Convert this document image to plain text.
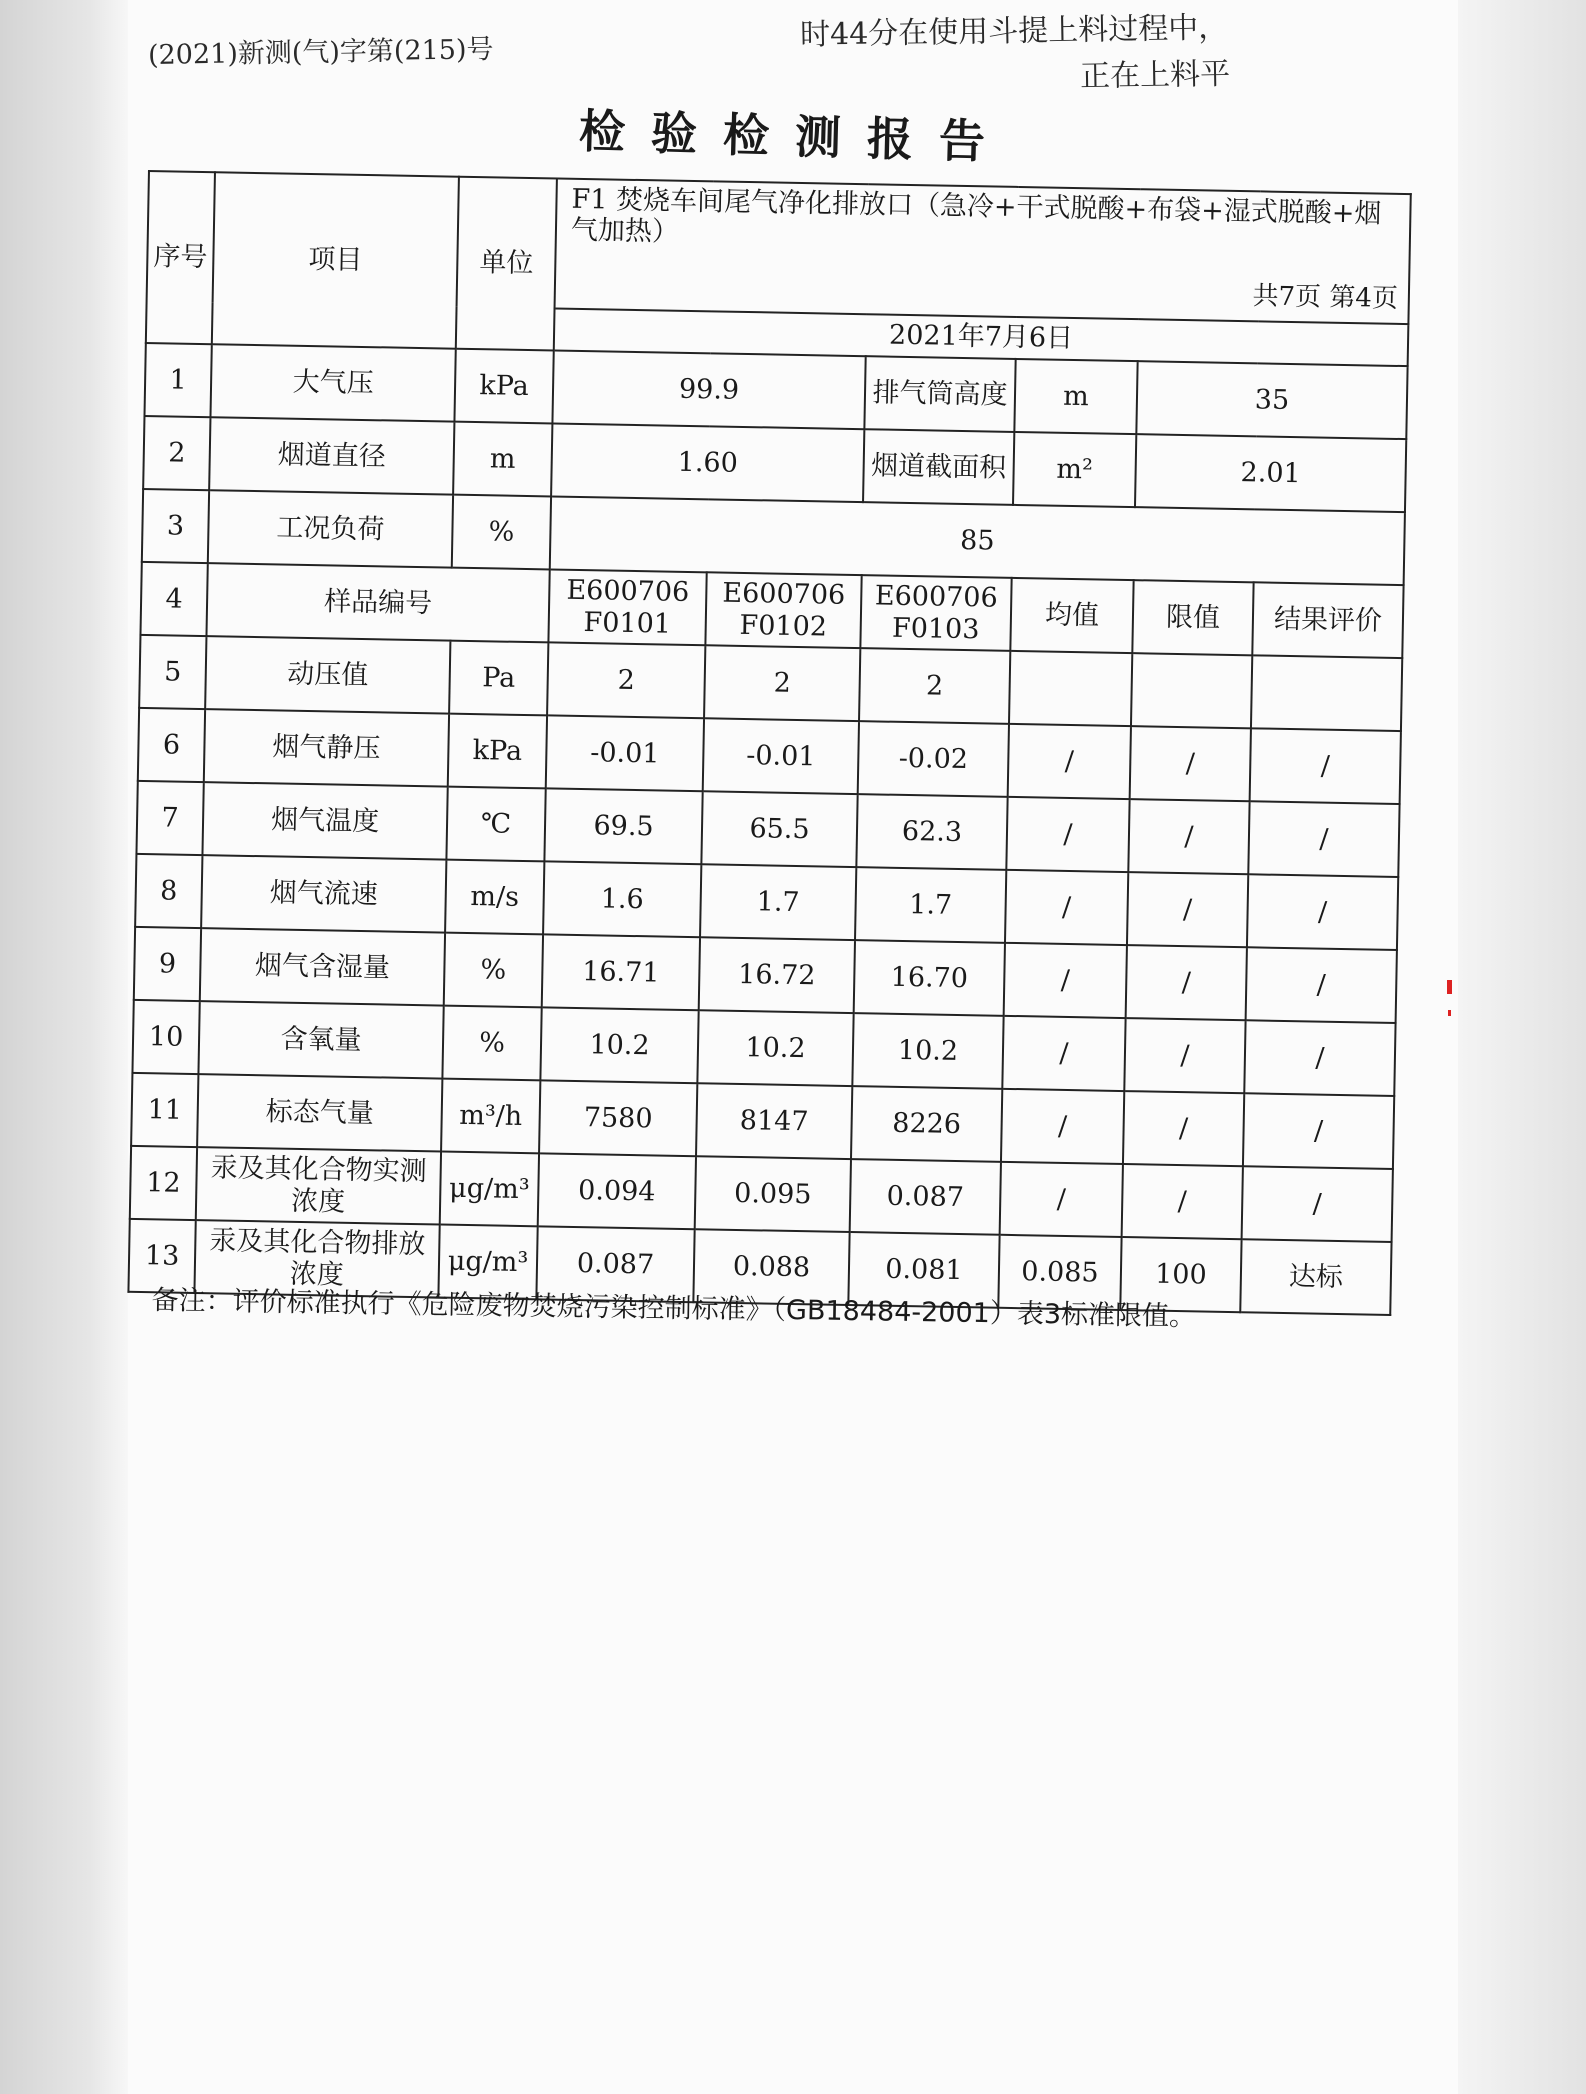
时44分在使用斗提上料过程中，
正在上料平
(2021)新测(气)字第(215)号
检验检测报告
序号	项目	单位	F1 焚烧车间尾气净化排放口（急冷+干式脱酸+布袋+湿式脱酸+烟气加热）
共7页 第4页					

			2021年7月6日					
1	大气压	kPa	99.9		排气筒高度	m	35	
2	烟道直径	m	1.60		烟道截面积	m²	2.01	
3	工况负荷	%	85					
4	样品编号		E600706 F0101	E600706 F0102	E600706 F0103	均值	限值	结果评价

5	动压值	Pa	2	2	2			
6	烟气静压	kPa	-0.01	-0.01	-0.02	/	/	/
7	烟气温度	℃	69.5	65.5	62.3	/	/	/
8	烟气流速	m/s	1.6	1.7	1.7	/	/	/
9	烟气含湿量	%	16.71	16.72	16.70	/	/	/
10	含氧量	%	10.2	10.2	10.2	/	/	/
11	标态气量	m³/h	7580	8147	8226	/	/	/
12	汞及其化合物实测浓度	μg/m³	0.094	0.095	0.087	/	/	/
13	汞及其化合物排放浓度	μg/m³	0.087	0.088	0.081	0.085	100	达标
备注：评价标准执行《危险废物焚烧污染控制标准》（GB18484-2001）表3标准限值。
